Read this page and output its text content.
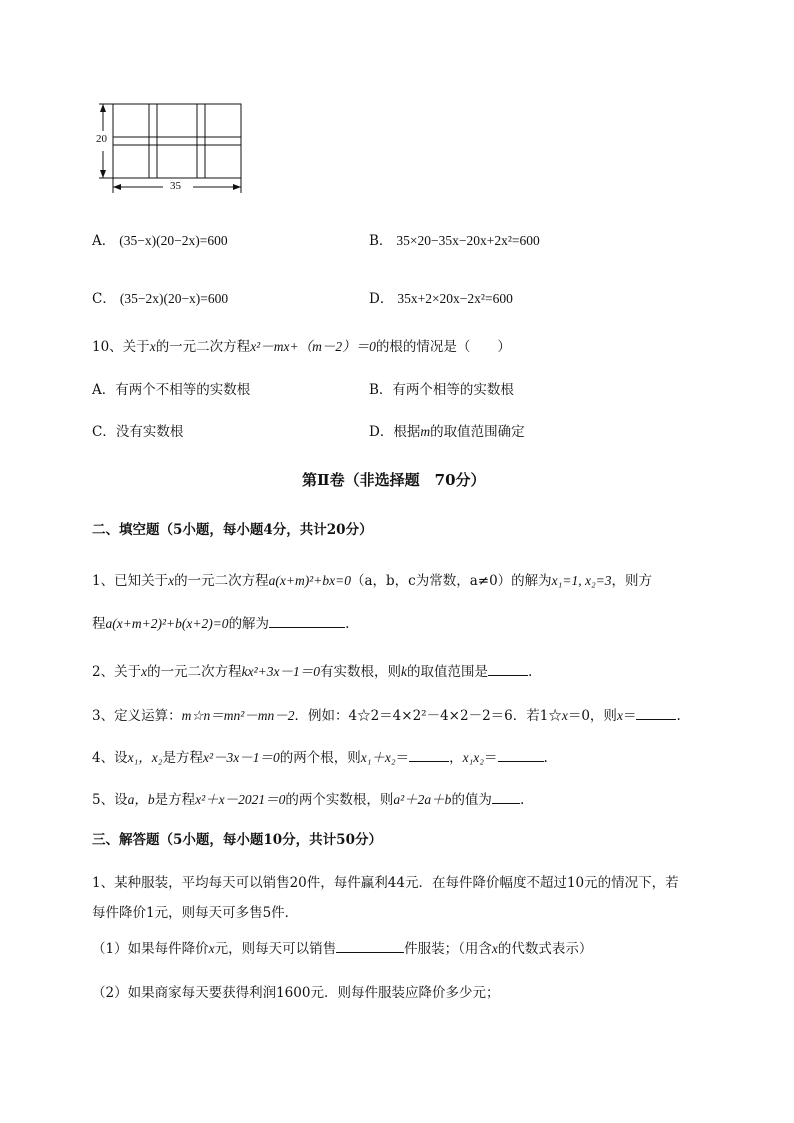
20
35
A． (35−x)(20−2x)=600	B． 35×20−35x−20x+2x²=600
C． (35−2x)(20−x)=600	D． 35x+2×20x−2x²=600
10、关于x的一元二次方程x²－mx+（m－2）＝0的根的情况是（　　）
A．有两个不相等的实数根	B．有两个相等的实数根
C．没有实数根	D．根据m的取值范围确定
第Ⅱ卷（非选择题　70分）
二、填空题（5小题，每小题4分，共计20分）
1、已知关于x的一元二次方程a(x+m)²+bx=0（a，b，c为常数，a≠0）的解为x₁=1, x₂=3，则方
程a(x+m+2)²+b(x+2)=0的解为	.
2、关于x的一元二次方程kx²+3x－1＝0有实数根，则k的取值范围是	.
3、定义运算：m☆n＝mn²－mn－2．例如：4☆2＝4×2²－4×2－2＝6．若1☆x＝0，则x＝	.
4、设x₁，x₂是方程x²－3x－1＝0的两个根，则x₁＋x₂＝	，x₁x₂＝	.
5、设a，b是方程x²＋x－2021＝0的两个实数根，则a²＋2a＋b的值为 .
三、解答题（5小题，每小题10分，共计50分）
1、某种服装，平均每天可以销售20件，每件赢利44元．在每件降价幅度不超过10元的情况下，若
每件降价1元，则每天可多售5件．
（1）如果每件降价x元，则每天可以销售	件服装；（用含x的代数式表示）
（2）如果商家每天要获得利润1600元．则每件服装应降价多少元；
